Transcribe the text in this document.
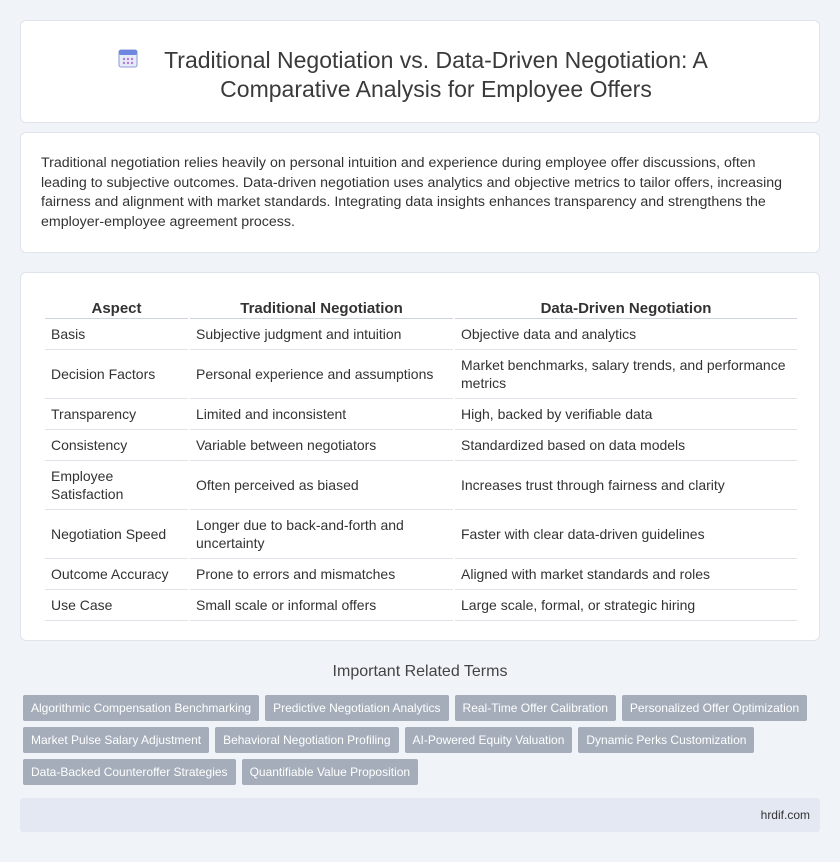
Traditional Negotiation vs. Data-Driven Negotiation: A Comparative Analysis for Employee Offers

Traditional negotiation relies heavily on personal intuition and experience during employee offer discussions, often leading to subjective outcomes. Data-driven negotiation uses analytics and objective metrics to tailor offers, increasing fairness and alignment with market standards. Integrating data insights enhances transparency and strengthens the employer-employee agreement process.

Aspect	Traditional Negotiation	Data-Driven Negotiation
Basis	Subjective judgment and intuition	Objective data and analytics
Decision Factors	Personal experience and assumptions	Market benchmarks, salary trends, and performance metrics
Transparency	Limited and inconsistent	High, backed by verifiable data
Consistency	Variable between negotiators	Standardized based on data models
Employee Satisfaction	Often perceived as biased	Increases trust through fairness and clarity
Negotiation Speed	Longer due to back-and-forth and uncertainty	Faster with clear data-driven guidelines
Outcome Accuracy	Prone to errors and mismatches	Aligned with market standards and roles
Use Case	Small scale or informal offers	Large scale, formal, or strategic hiring
Important Related Terms
Algorithmic Compensation Benchmarking	Predictive Negotiation Analytics	Real-Time Offer Calibration	Personalized Offer Optimization
Market Pulse Salary Adjustment	Behavioral Negotiation Profiling	AI-Powered Equity Valuation	Dynamic Perks Customization
Data-Backed Counteroffer Strategies	Quantifiable Value Proposition
hrdif.com
